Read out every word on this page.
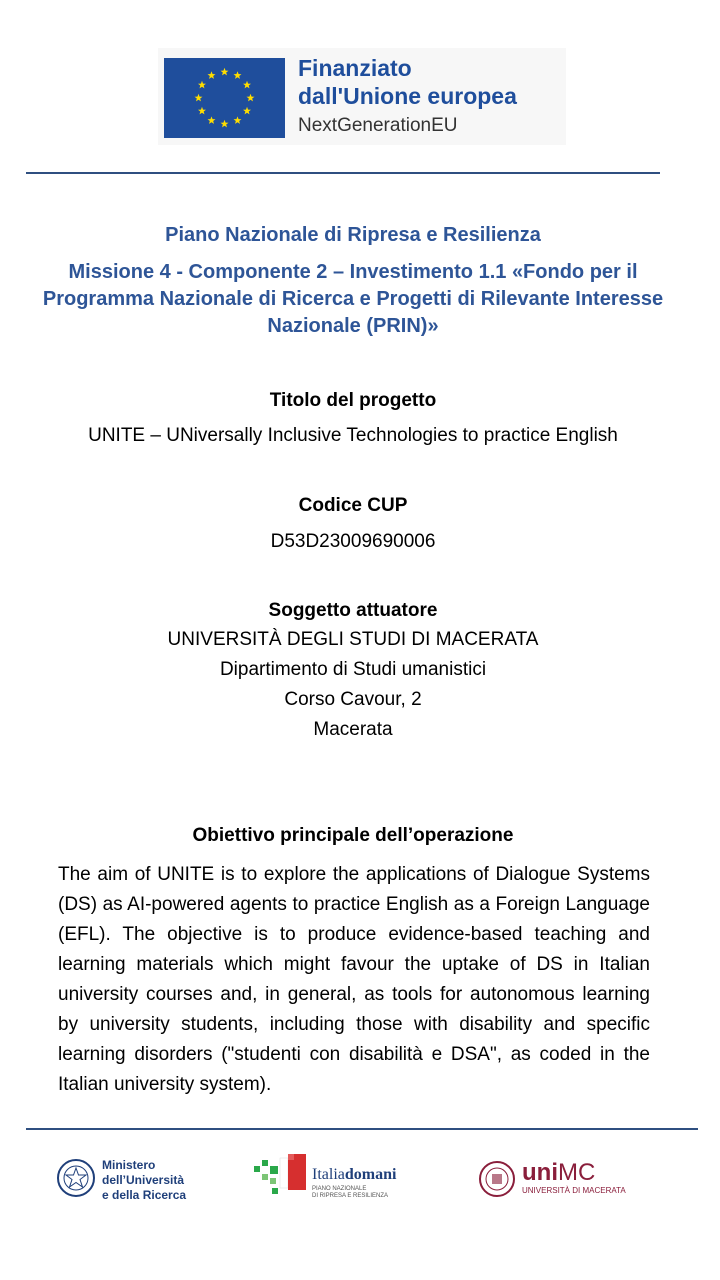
Finanziato
dall'Unione europea
NextGenerationEU
Piano Nazionale di Ripresa e Resilienza
Missione 4 - Componente 2 – Investimento 1.1 «Fondo per il Programma Nazionale di Ricerca e Progetti di Rilevante Interesse Nazionale (PRIN)»
Titolo del progetto
UNITE – UNiversally Inclusive Technologies to practice English
Codice CUP
D53D23009690006
Soggetto attuatore
UNIVERSITÀ DEGLI STUDI DI MACERATA
Dipartimento di Studi umanistici
Corso Cavour, 2
Macerata
Obiettivo principale dell’operazione
The aim of UNITE is to explore the applications of Dialogue Systems (DS) as AI-powered agents to practice English as a Foreign Language (EFL). The objective is to produce evidence-based teaching and learning materials which might favour the uptake of DS in Italian university courses and, in general, as tools for autonomous learning by university students, including those with disability and specific learning disorders ("studenti con disabilità e DSA", as coded in the Italian university system).
Ministero
dell’Università
e della Ricerca
Italiadomani
PIANO NAZIONALE
DI RIPRESA E RESILIENZA
uniMC
UNIVERSITÀ DI MACERATA
